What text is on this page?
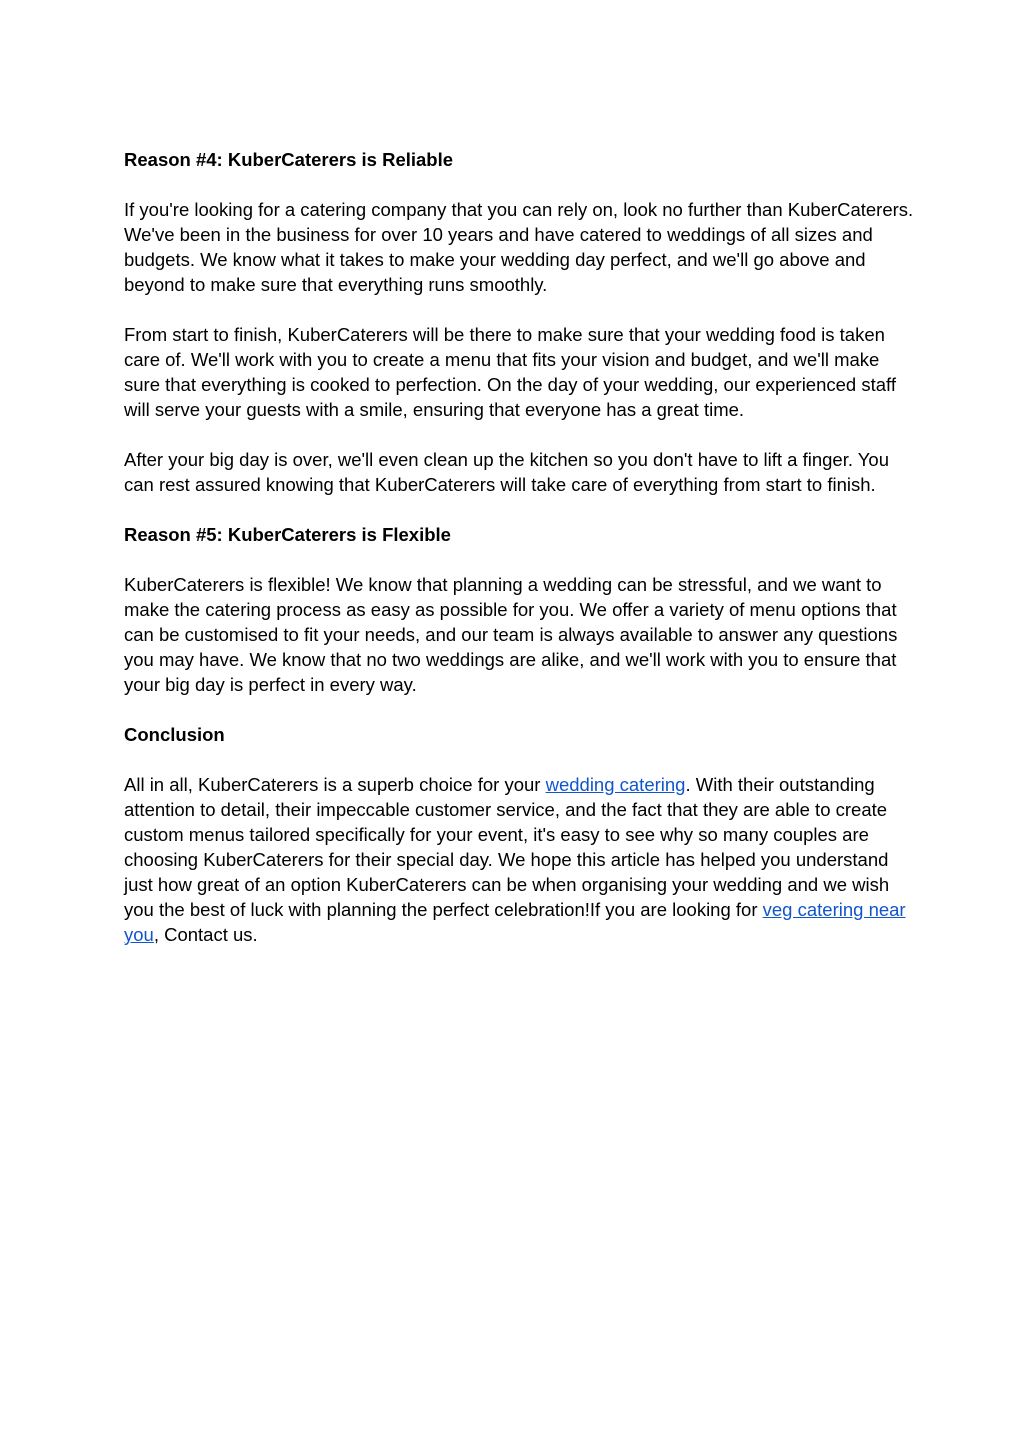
Reason #4: KuberCaterers is Reliable

If you're looking for a catering company that you can rely on, look no further than KuberCaterers. We've been in the business for over 10 years and have catered to weddings of all sizes and budgets. We know what it takes to make your wedding day perfect, and we'll go above and beyond to make sure that everything runs smoothly.

From start to finish, KuberCaterers will be there to make sure that your wedding food is taken care of. We'll work with you to create a menu that fits your vision and budget, and we'll make sure that everything is cooked to perfection. On the day of your wedding, our experienced staff will serve your guests with a smile, ensuring that everyone has a great time.

After your big day is over, we'll even clean up the kitchen so you don't have to lift a finger. You can rest assured knowing that KuberCaterers will take care of everything from start to finish.

Reason #5: KuberCaterers is Flexible

KuberCaterers is flexible! We know that planning a wedding can be stressful, and we want to make the catering process as easy as possible for you. We offer a variety of menu options that can be customised to fit your needs, and our team is always available to answer any questions you may have. We know that no two weddings are alike, and we'll work with you to ensure that your big day is perfect in every way.

Conclusion

All in all, KuberCaterers is a superb choice for your wedding catering. With their outstanding attention to detail, their impeccable customer service, and the fact that they are able to create custom menus tailored specifically for your event, it's easy to see why so many couples are choosing KuberCaterers for their special day. We hope this article has helped you understand just how great of an option KuberCaterers can be when organising your wedding and we wish you the best of luck with planning the perfect celebration!If you are looking for veg catering near you, Contact us.
